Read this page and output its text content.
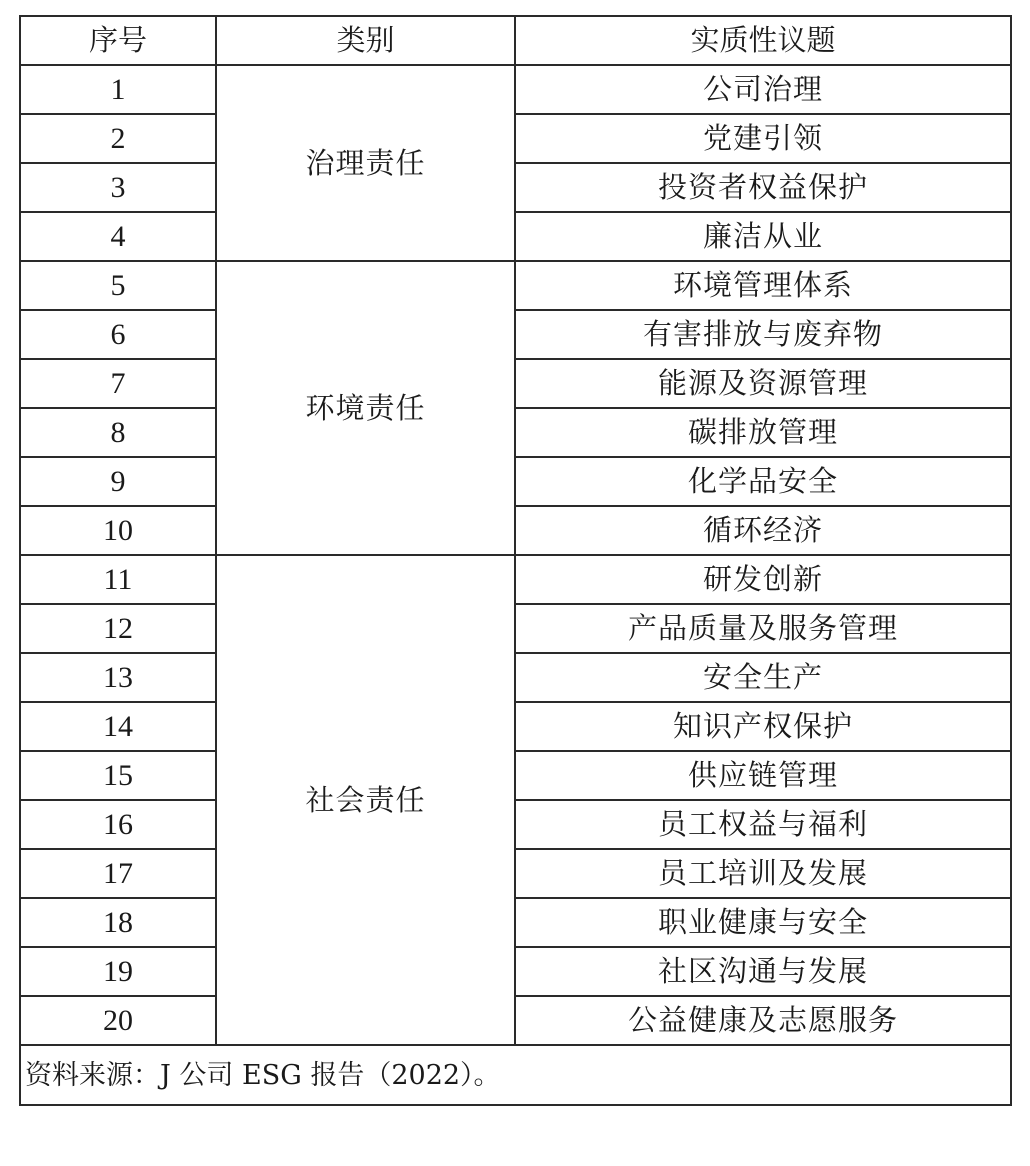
序号	类别	实质性议题
1	治理责任	公司治理
2		党建引领
3		投资者权益保护
4		廉洁从业
5	环境责任	环境管理体系
6		有害排放与废弃物
7		能源及资源管理
8		碳排放管理
9		化学品安全
10		循环经济
11	社会责任	研发创新
12		产品质量及服务管理
13		安全生产
14		知识产权保护
15		供应链管理
16		员工权益与福利
17		员工培训及发展
18		职业健康与安全
19		社区沟通与发展
20		公益健康及志愿服务
资料来源：J 公司 ESG 报告（2022）。		
